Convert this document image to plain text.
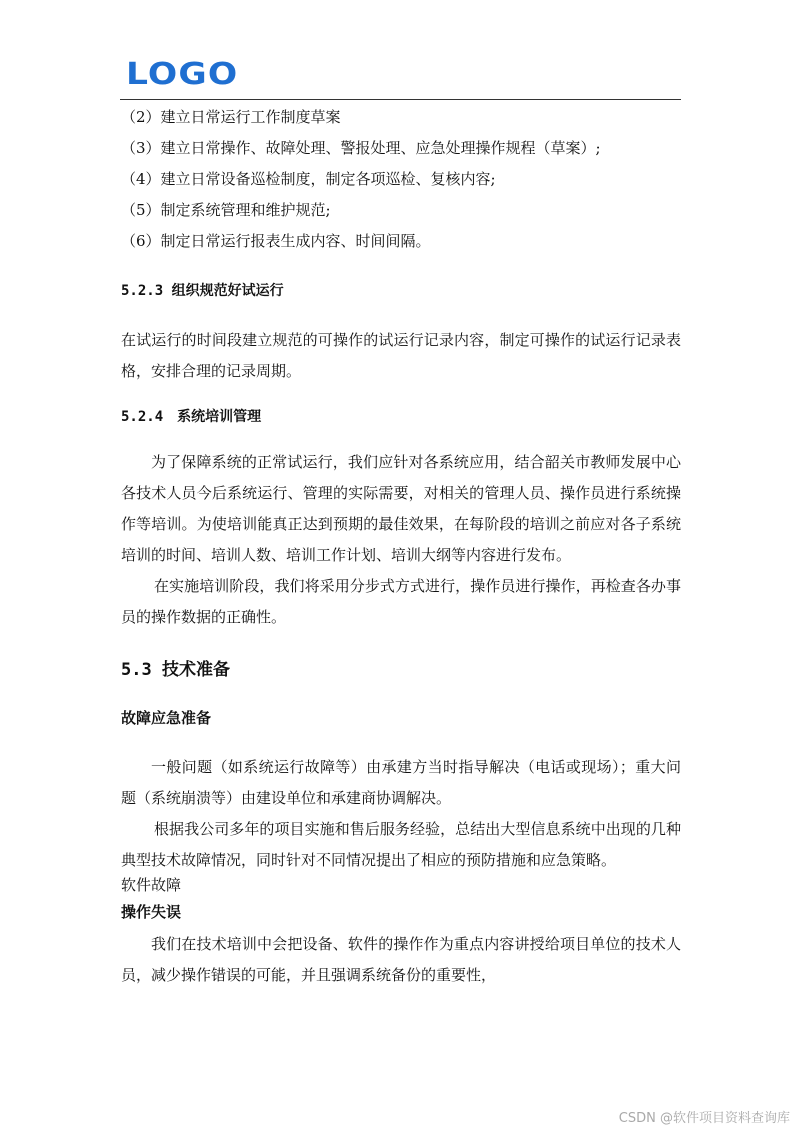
LOGO
（2）建立日常运行工作制度草案
（3）建立日常操作、故障处理、警报处理、应急处理操作规程（草案）;
（4）建立日常设备巡检制度，制定各项巡检、复核内容;
（5）制定系统管理和维护规范;
（6）制定日常运行报表生成内容、时间间隔。
5.2.3 组织规范好试运行

在试运行的时间段建立规范的可操作的试运行记录内容，制定可操作的试运行记录表格，安排合理的记录周期。

5.2.4　系统培训管理

为了保障系统的正常试运行，我们应针对各系统应用，结合韶关市教师发展中心各技术人员今后系统运行、管理的实际需要，对相关的管理人员、操作员进行系统操作等培训。为使培训能真正达到预期的最佳效果，在每阶段的培训之前应对各子系统培训的时间、培训人数、培训工作计划、培训大纲等内容进行发布。

在实施培训阶段，我们将采用分步式方式进行，操作员进行操作，再检查各办事员的操作数据的正确性。

5.3 技术准备
故障应急准备

一般问题（如系统运行故障等）由承建方当时指导解决（电话或现场）；重大问题（系统崩溃等）由建设单位和承建商协调解决。

根据我公司多年的项目实施和售后服务经验，总结出大型信息系统中出现的几种典型技术故障情况，同时针对不同情况提出了相应的预防措施和应急策略。

软件故障
操作失误

我们在技术培训中会把设备、软件的操作作为重点内容讲授给项目单位的技术人员，减少操作错误的可能，并且强调系统备份的重要性，

CSDN @软件项目资料查询库
